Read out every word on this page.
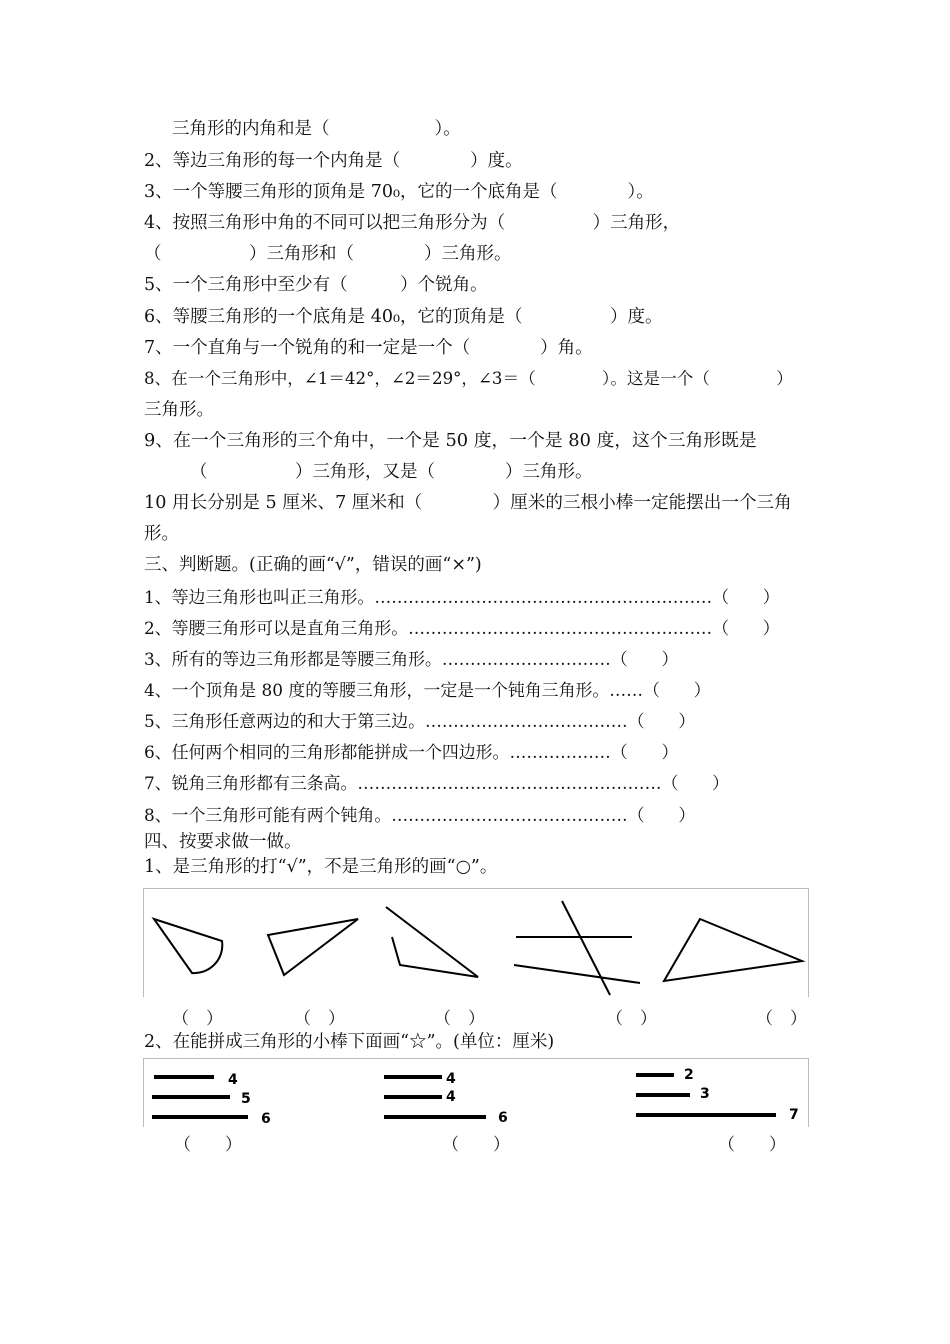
三角形的内角和是（　　　　　　）。
2、等边三角形的每一个内角是（　　　　）度。
3、一个等腰三角形的顶角是 70₀，它的一个底角是（　　　　）。
4、按照三角形中角的不同可以把三角形分为（　　　　　）三角形，
（　　　　　）三角形和（　　　　）三角形。
5、一个三角形中至少有（　　　）个锐角。
6、等腰三角形的一个底角是 40₀，它的顶角是（　　　　　）度。
7、一个直角与一个锐角的和一定是一个（　　　　）角。
8、在一个三角形中，∠1＝42°，∠2＝29°，∠3＝（　　　　）。这是一个（　　　　）
三角形。
9、在一个三角形的三个角中，一个是 50 度，一个是 80 度，这个三角形既是
（　　　　　）三角形，又是（　　　　）三角形。
10 用长分别是 5 厘米、7 厘米和（　　　　）厘米的三根小棒一定能摆出一个三角
形。
三、判断题。(正确的画“√”，错误的画“×”)
1、等边三角形也叫正三角形。……………………………………………………（　　）
2、等腰三角形可以是直角三角形。………………………………………………（　　）
3、所有的等边三角形都是等腰三角形。…………………………（　　）
4、一个顶角是 80 度的等腰三角形，一定是一个钝角三角形。……（　　）
5、三角形任意两边的和大于第三边。………………………………（　　）
6、任何两个相同的三角形都能拼成一个四边形。………………（　　）
7、锐角三角形都有三条高。………………………………………………（　　）
8、一个三角形可能有两个钝角。……………………………………（　　）
四、按要求做一做。
1、是三角形的打“√”，不是三角形的画“○”。
（　）	（　）	（　）	（　）	（　）
2、在能拼成三角形的小棒下面画“☆”。(单位：厘米)
4
5
6
4
4
6
2
3
7
（　　）	（　　）	（　　）
